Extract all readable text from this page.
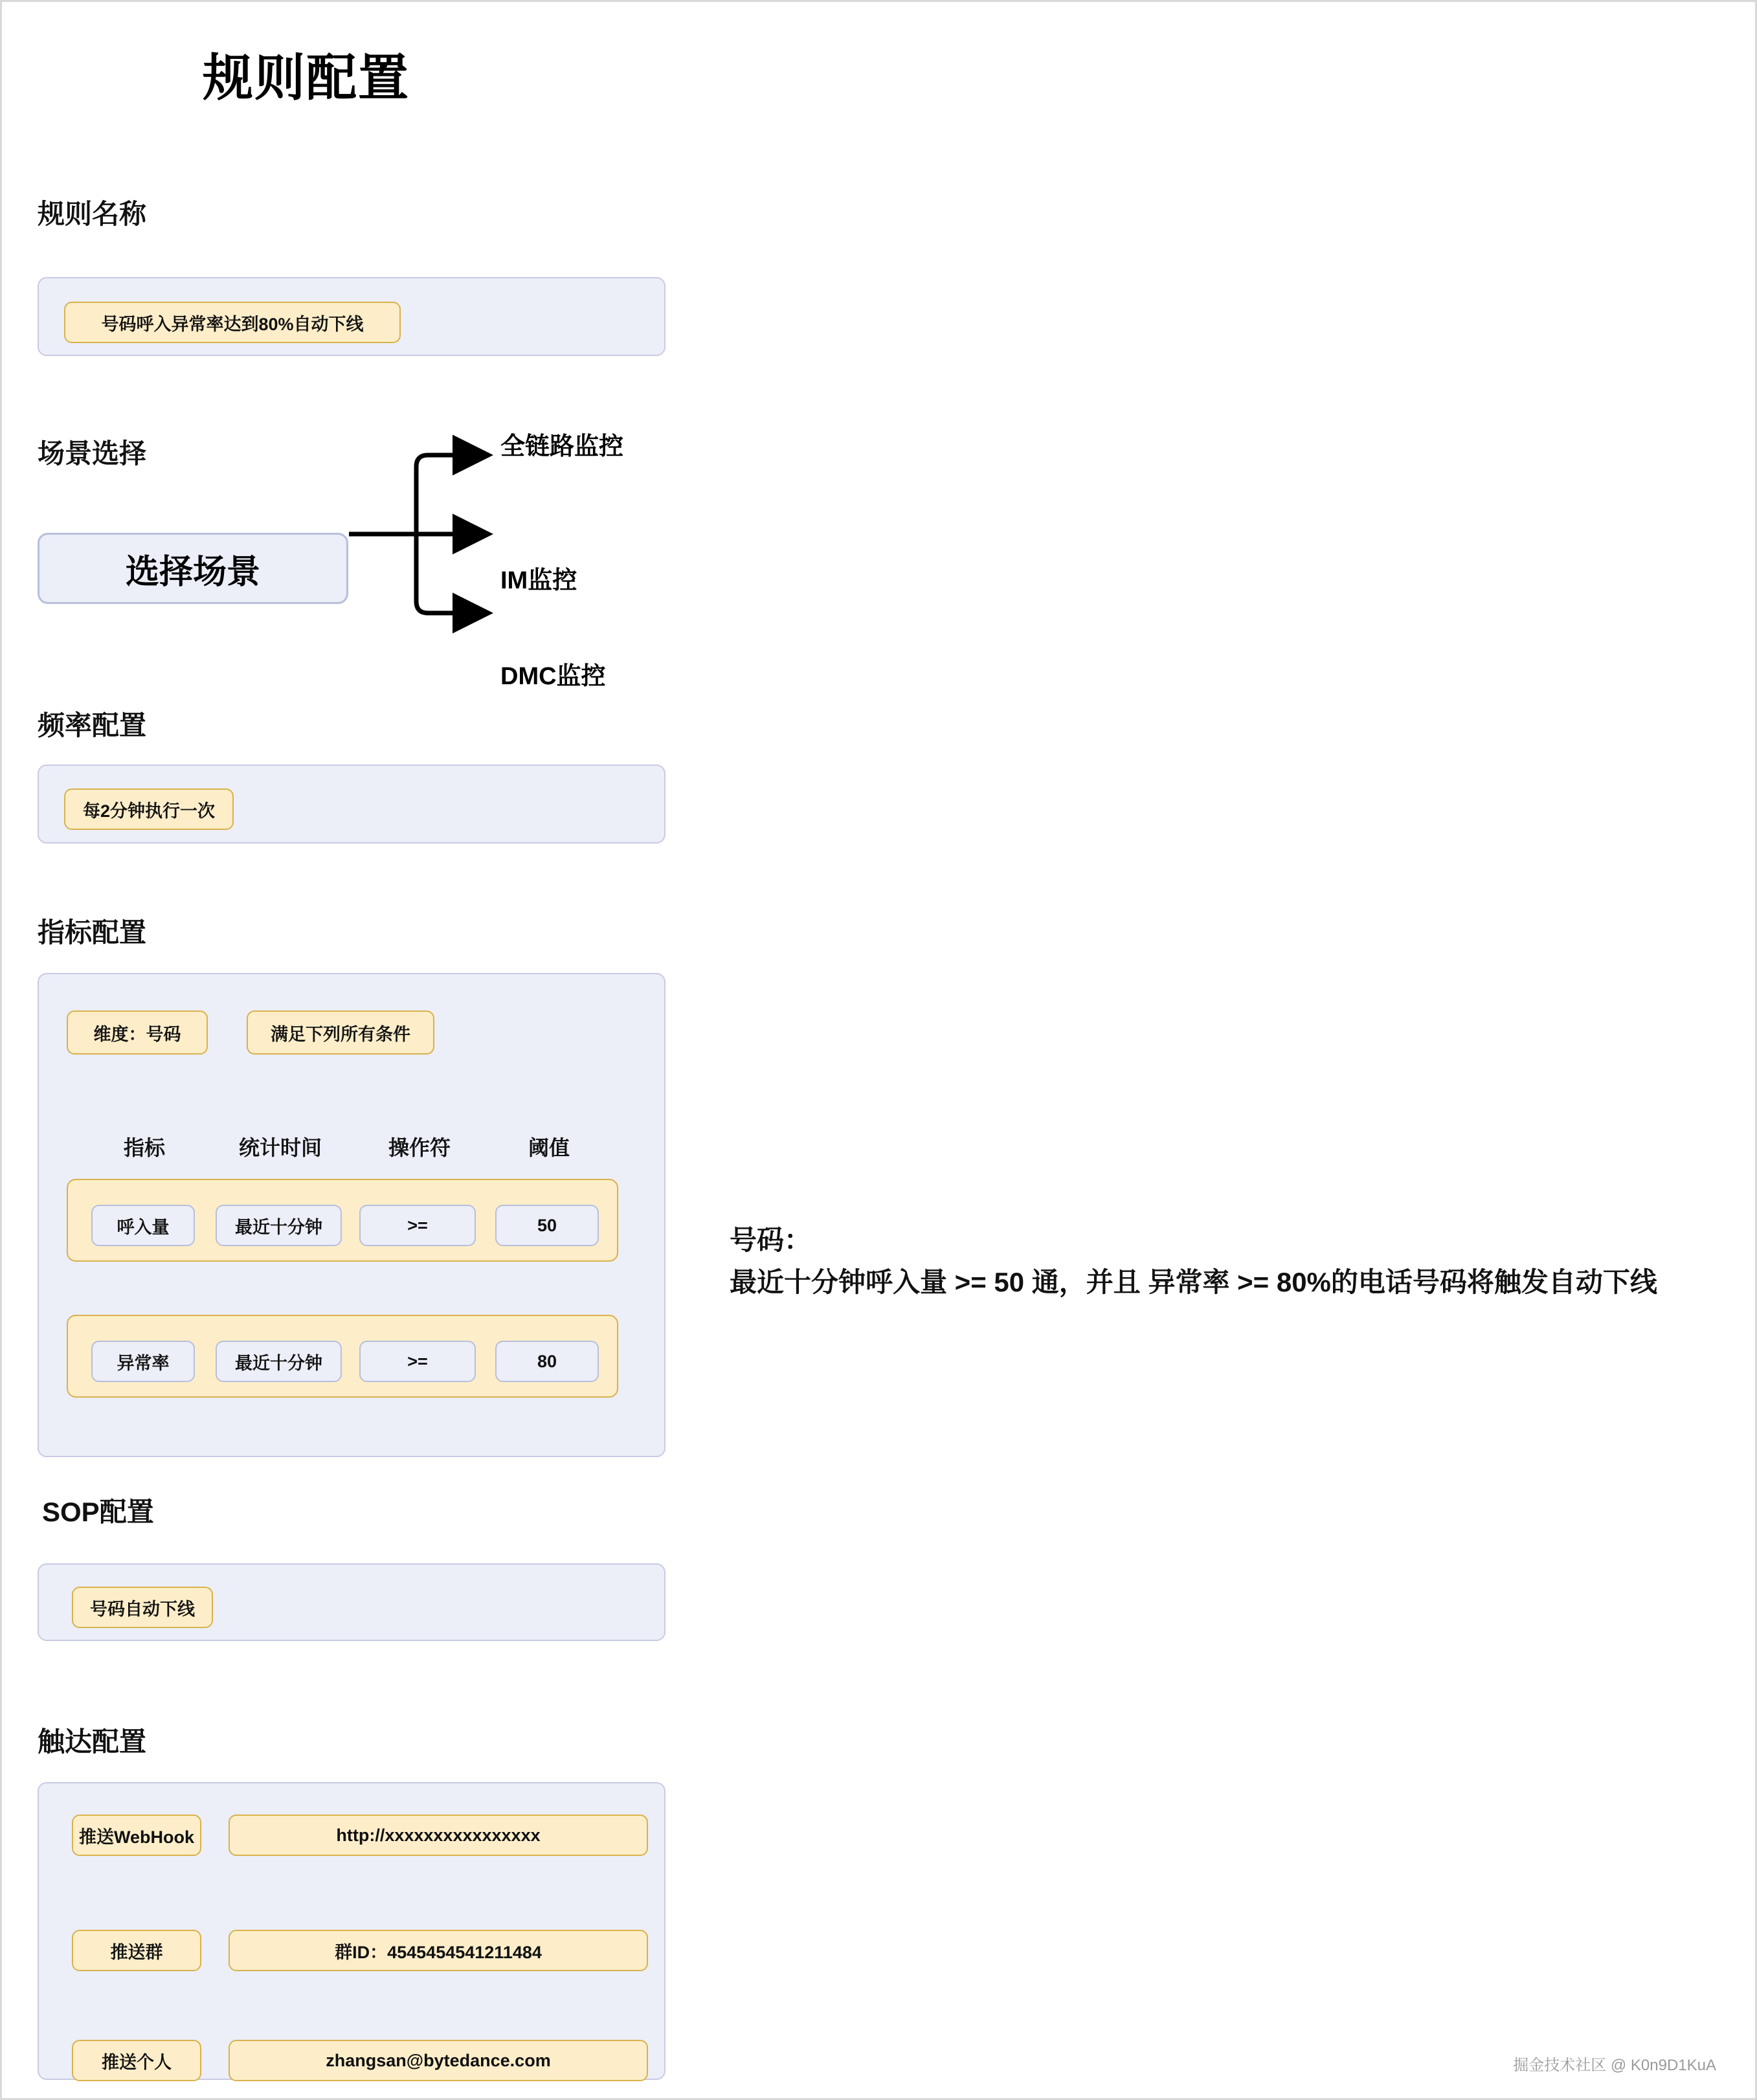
规则配置
规则名称
号码呼入异常率达到80%自动下线
场景选择
选择场景
全链路监控
IM监控
DMC监控
频率配置
每2分钟执行一次
指标配置
维度：号码	满足下列所有条件
指标	统计时间	操作符	阈值
呼入量	最近十分钟	>=	50
异常率	最近十分钟	>=	80
SOP配置
号码自动下线
触达配置
推送WebHook	http://xxxxxxxxxxxxxxxx
推送群	群ID：4545454541211484
推送个人	zhangsan@bytedance.com
号码：
最近十分钟呼入量 >= 50 通，并且 异常率 >= 80%的电话号码将触发自动下线
掘金技术社区 @ K0n9D1KuA
